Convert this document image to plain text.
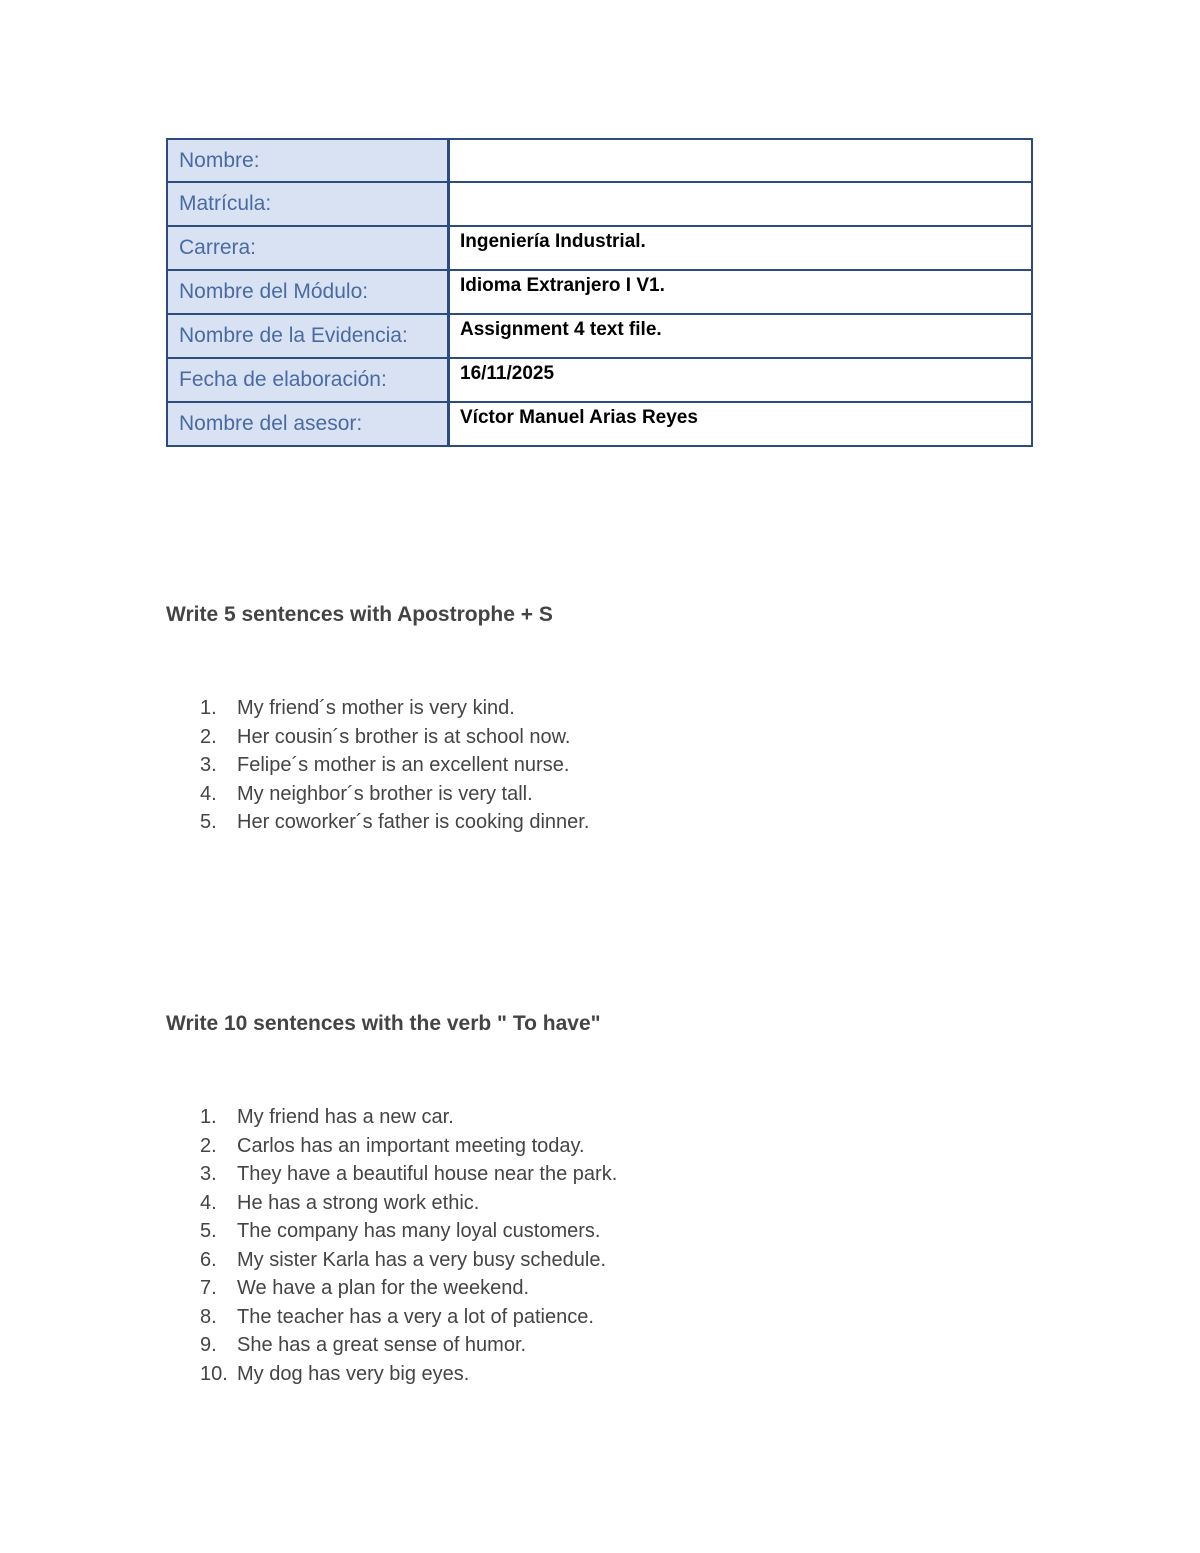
Nombre:	
Matrícula:	
Carrera:	Ingeniería Industrial.
Nombre del Módulo:	Idioma Extranjero I V1.
Nombre de la Evidencia:	Assignment 4 text file.
Fecha de elaboración:	16/11/2025
Nombre del asesor:	Víctor Manuel Arias Reyes
Write 5 sentences with Apostrophe + S
1. My friend´s mother is very kind.
2. Her cousin´s brother is at school now.
3. Felipe´s mother is an excellent nurse.
4. My neighbor´s brother is very tall.
5. Her coworker´s father is cooking dinner.
Write 10 sentences with the verb " To have"
1. My friend has a new car.
2. Carlos has an important meeting today.
3. They have a beautiful house near the park.
4. He has a strong work ethic.
5. The company has many loyal customers.
6. My sister Karla has a very busy schedule.
7. We have a plan for the weekend.
8. The teacher has a very a lot of patience.
9. She has a great sense of humor.
10. My dog has very big eyes.
